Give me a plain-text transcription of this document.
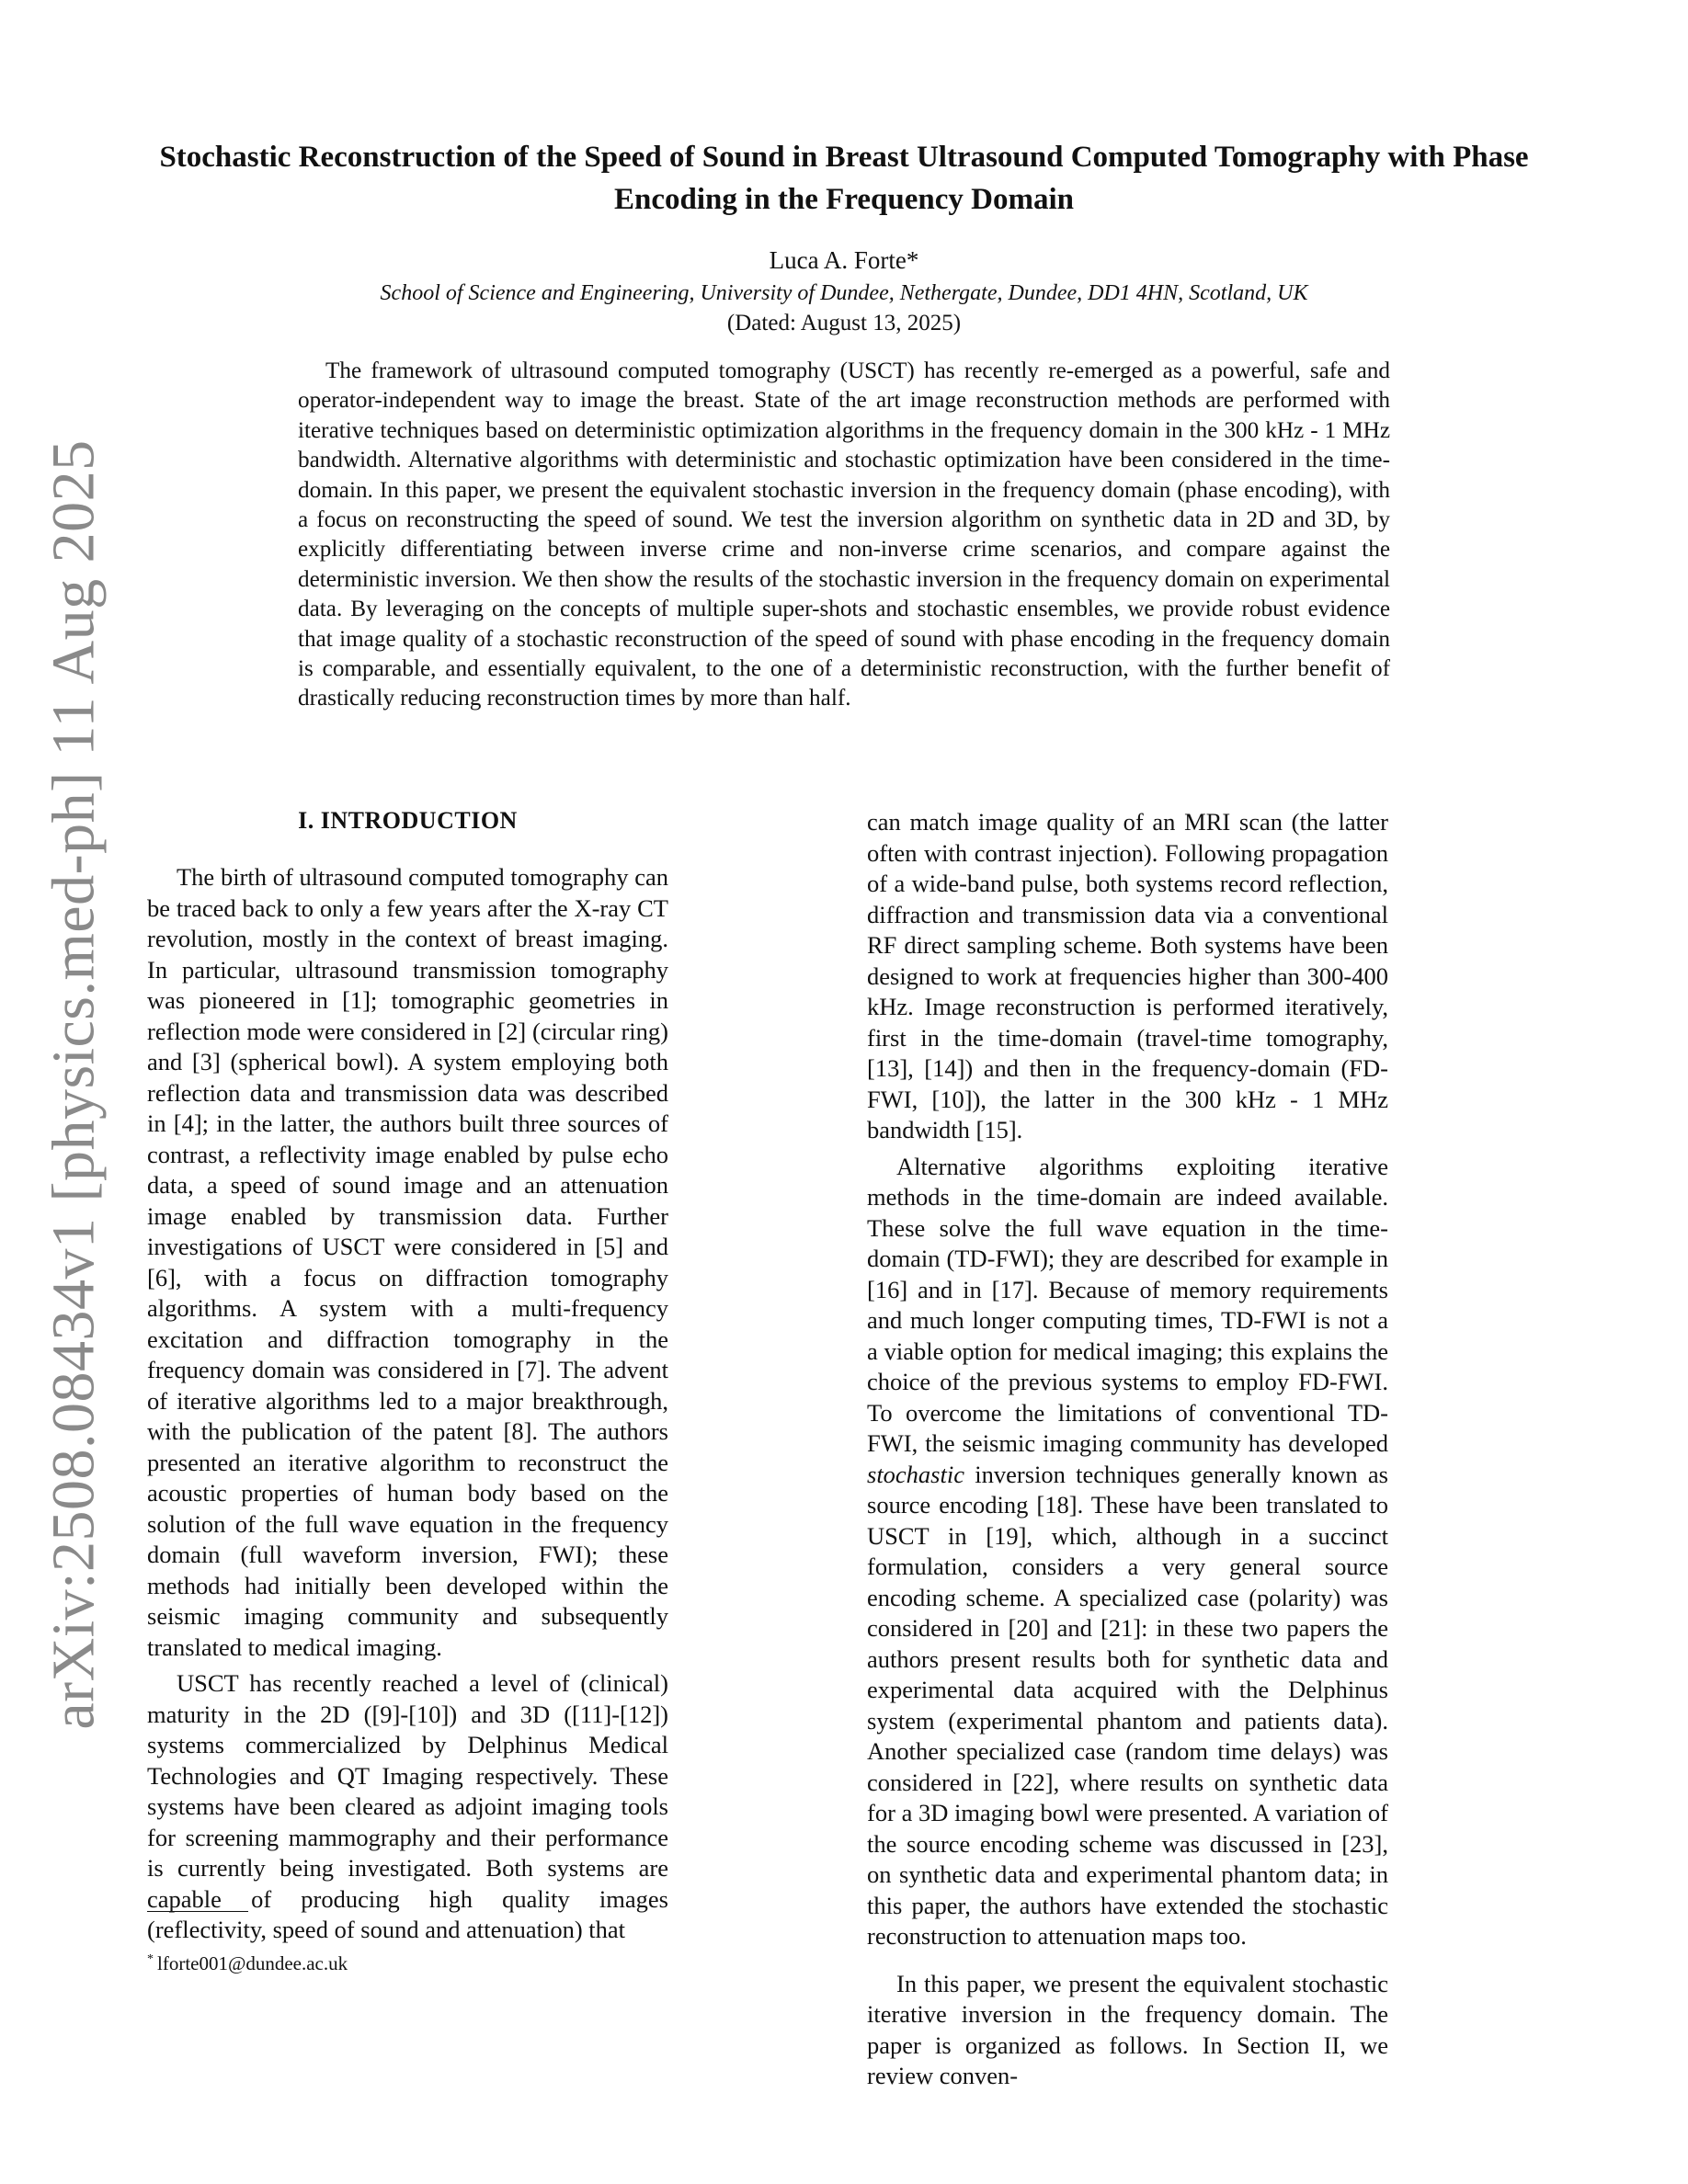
arXiv:2508.08434v1 [physics.med-ph] 11 Aug 2025
Stochastic Reconstruction of the Speed of Sound in Breast Ultrasound Computed Tomography with Phase Encoding in the Frequency Domain
Luca A. Forte*
School of Science and Engineering, University of Dundee, Nethergate, Dundee, DD1 4HN, Scotland, UK
(Dated: August 13, 2025)

The framework of ultrasound computed tomography (USCT) has recently re-emerged as a powerful, safe and operator-independent way to image the breast. State of the art image reconstruction methods are performed with iterative techniques based on deterministic optimization algorithms in the frequency domain in the 300 kHz - 1 MHz bandwidth. Alternative algorithms with deterministic and stochastic optimization have been considered in the time-domain. In this paper, we present the equivalent stochastic inversion in the frequency domain (phase encoding), with a focus on reconstructing the speed of sound. We test the inversion algorithm on synthetic data in 2D and 3D, by explicitly differentiating between inverse crime and non-inverse crime scenarios, and compare against the deterministic inversion. We then show the results of the stochastic inversion in the frequency domain on experimental data. By leveraging on the concepts of multiple super-shots and stochastic ensembles, we provide robust evidence that image quality of a stochastic reconstruction of the speed of sound with phase encoding in the frequency domain is comparable, and essentially equivalent, to the one of a deterministic reconstruction, with the further benefit of drastically reducing reconstruction times by more than half.

I. INTRODUCTION

The birth of ultrasound computed tomography can be traced back to only a few years after the X-ray CT revolution, mostly in the context of breast imaging. In particular, ultrasound transmission tomography was pioneered in [1]; tomographic geometries in reflection mode were considered in [2] (circular ring) and [3] (spherical bowl). A system employing both reflection data and transmission data was described in [4]; in the latter, the authors built three sources of contrast, a reflectivity image enabled by pulse echo data, a speed of sound image and an attenuation image enabled by transmission data. Further investigations of USCT were considered in [5] and [6], with a focus on diffraction tomography algorithms. A system with a multi-frequency excitation and diffraction tomography in the frequency domain was considered in [7]. The advent of iterative algorithms led to a major breakthrough, with the publication of the patent [8]. The authors presented an iterative algorithm to reconstruct the acoustic properties of human body based on the solution of the full wave equation in the frequency domain (full waveform inversion, FWI); these methods had initially been developed within the seismic imaging community and subsequently translated to medical imaging.

USCT has recently reached a level of (clinical) maturity in the 2D ([9]-[10]) and 3D ([11]-[12]) systems commercialized by Delphinus Medical Technologies and QT Imaging respectively. These systems have been cleared as adjoint imaging tools for screening mammography and their performance is currently being investigated. Both systems are capable of producing high quality images (reflectivity, speed of sound and attenuation) that

can match image quality of an MRI scan (the latter often with contrast injection). Following propagation of a wide-band pulse, both systems record reflection, diffraction and transmission data via a conventional RF direct sampling scheme. Both systems have been designed to work at frequencies higher than 300-400 kHz. Image reconstruction is performed iteratively, first in the time-domain (travel-time tomography, [13], [14]) and then in the frequency-domain (FD-FWI, [10]), the latter in the 300 kHz - 1 MHz bandwidth [15].

Alternative algorithms exploiting iterative methods in the time-domain are indeed available. These solve the full wave equation in the time-domain (TD-FWI); they are described for example in [16] and in [17]. Because of memory requirements and much longer computing times, TD-FWI is not a a viable option for medical imaging; this explains the choice of the previous systems to employ FD-FWI. To overcome the limitations of conventional TD-FWI, the seismic imaging community has developed stochastic inversion techniques generally known as source encoding [18]. These have been translated to USCT in [19], which, although in a succinct formulation, considers a very general source encoding scheme. A specialized case (polarity) was considered in [20] and [21]: in these two papers the authors present results both for synthetic data and experimental data acquired with the Delphinus system (experimental phantom and patients data). Another specialized case (random time delays) was considered in [22], where results on synthetic data for a 3D imaging bowl were presented. A variation of the source encoding scheme was discussed in [23], on synthetic data and experimental phantom data; in this paper, the authors have extended the stochastic reconstruction to attenuation maps too.

In this paper, we present the equivalent stochastic iterative inversion in the frequency domain. The paper is organized as follows. In Section II, we review conven-

* lforte001@dundee.ac.uk
